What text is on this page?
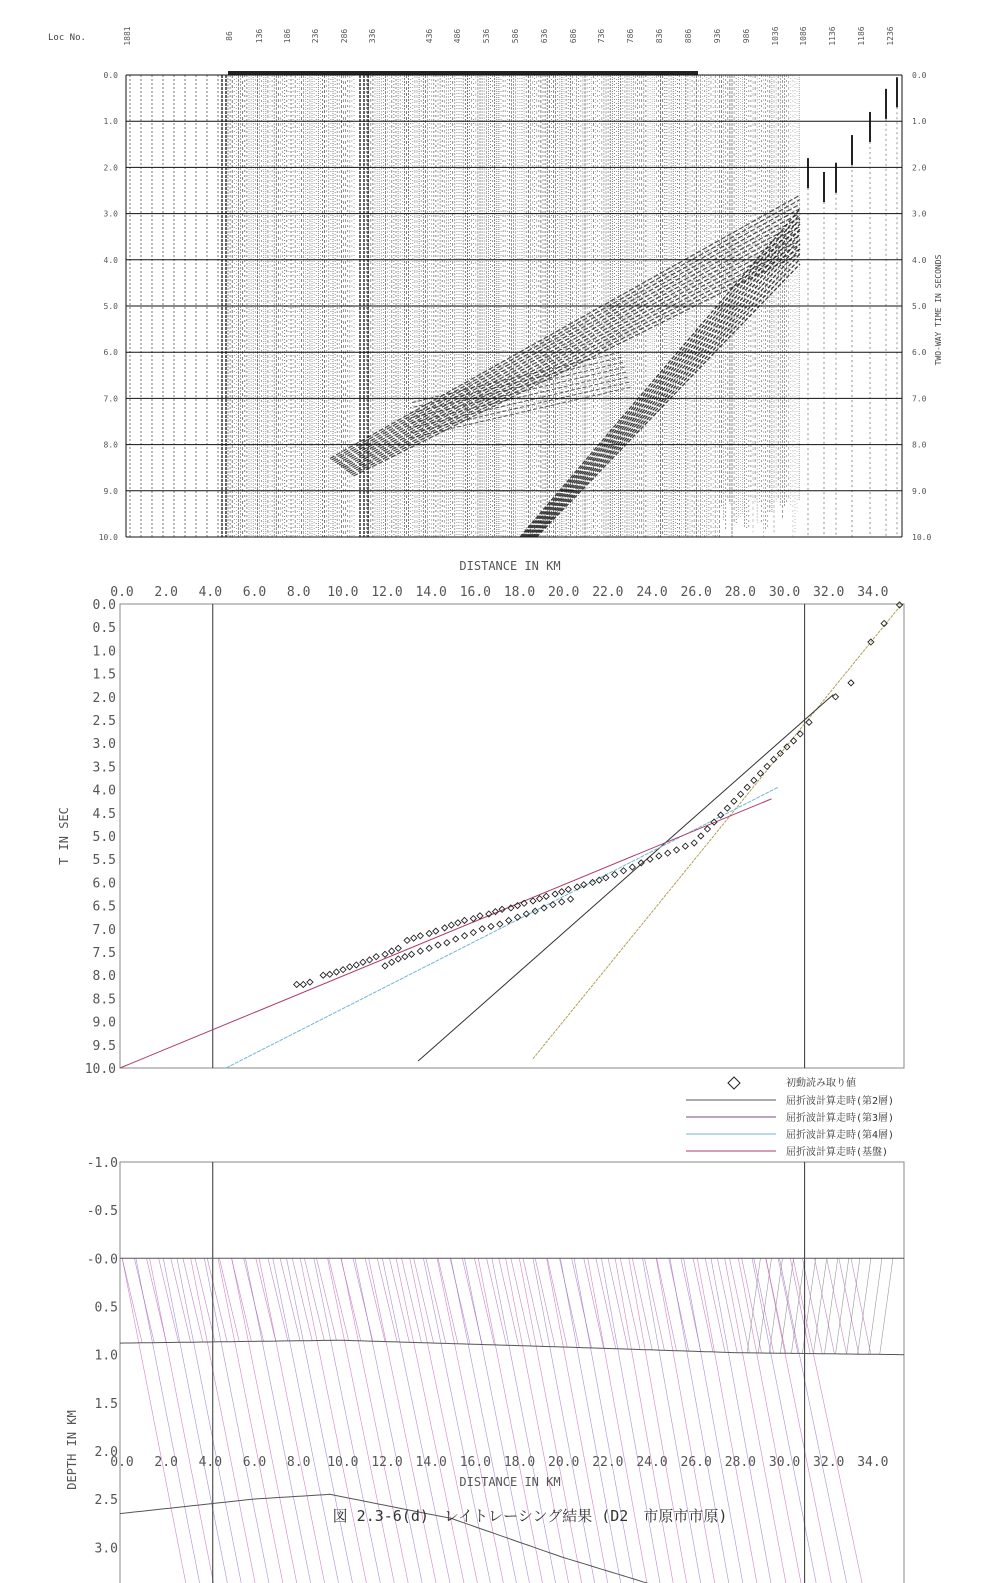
Loc No.	1881	86	136 186 236	286 336	436 486	536	586	636	686 736	786	836	886	936	986	1036 1086	1136	1186	1236
0.0
1.0
2.0
3.0
4.0
5.0
6.0
7.0
8.0
9.0
10.0
0.0
1.0
2.0
3.0
4.0
5.0
6.0
7.0
8.0
9.0
10.0
TWO-WAY TIME IN SECONDS
DISTANCE IN KM
0.0 2.0 4.0 6.0 8.0 10.0 12.0 14.0 16.0 18.0 20.0 22.0 24.0 26.0 28.0 30.0 32.0 34.0
0.0
0.5
1.0
1.5
2.0
2.5
3.0
3.5
4.0
4.5
5.0
5.5
6.0
6.5
7.0
7.5
8.0
8.5
9.0
9.5
10.0
T IN SEC
初動読み取り値
屈折波計算走時(第2層)
屈折波計算走時(第3層)
屈折波計算走時(第4層)
屈折波計算走時(基盤)
-1.0
-0.5
-0.0
0.5
1.0
1.5
2.0
2.5
3.0
DEPTH IN KM 0.0 2.0 4.0 6.0 8.0 10.0 12.0 14.0 16.0 18.0 20.0 22.0 24.0 26.0 28.0 30.0 32.0 34.0
DISTANCE IN KM
図 2.3-6(d)　レイトレーシング結果 (D2　市原市市原)
